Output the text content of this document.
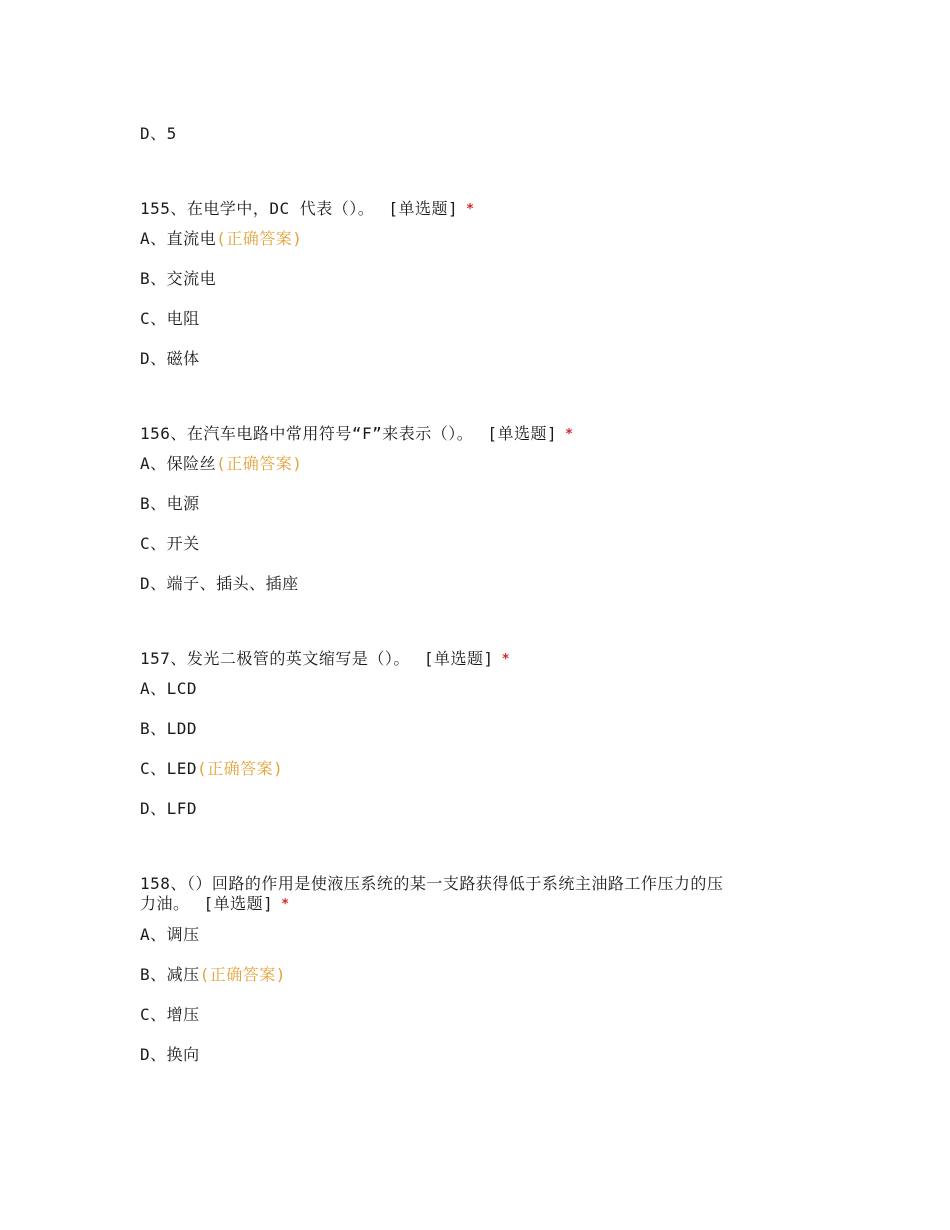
D、5
155、在电学中，DC 代表（）。 [单选题] *
A、直流电(正确答案)
B、交流电
C、电阻
D、磁体
156、在汽车电路中常用符号“F”来表示（）。 [单选题] *
A、保险丝(正确答案)
B、电源
C、开关
D、端子、插头、插座
157、发光二极管的英文缩写是（）。 [单选题] *
A、LCD
B、LDD
C、LED(正确答案)
D、LFD
158、（）回路的作用是使液压系统的某一支路获得低于系统主油路工作压力的压
力油。 [单选题] *
A、调压
B、减压(正确答案)
C、增压
D、换向
